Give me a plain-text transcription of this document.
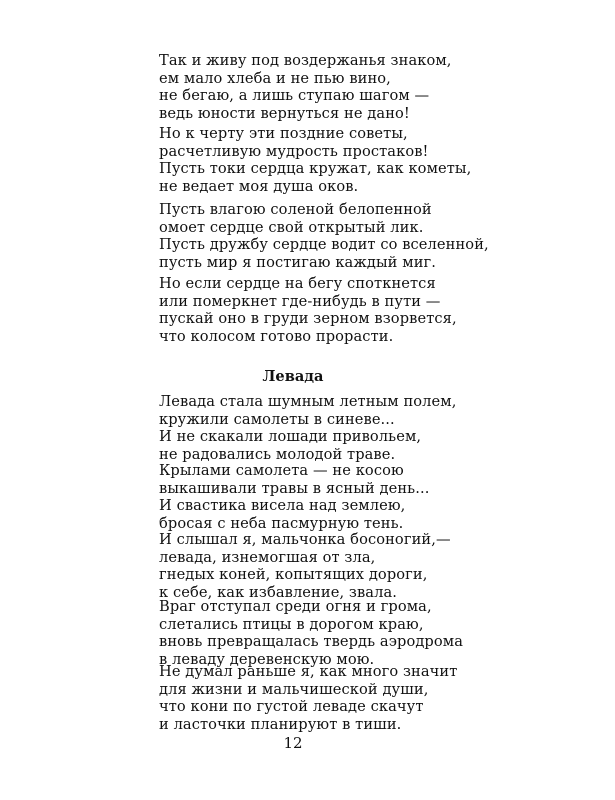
Так и живу под воздержанья знаком,
ем мало хлеба и не пью вино,
не бегаю, а лишь ступаю шагом —
ведь юности вернуться не дано!
Но к черту эти поздние советы,
расчетливую мудрость простаков!
Пусть токи сердца кружат, как кометы,
не ведает моя душа оков.
Пусть влагою соленой белопенной
омоет сердце свой открытый лик.
Пусть дружбу сердце водит со вселенной,
пусть мир я постигаю каждый миг.
Но если сердце на бегу споткнется
или померкнет где-нибудь в пути —
пускай оно в груди зерном взорвется,
что колосом готово прорасти.
Левада
Левада стала шумным летным полем,
кружили самолеты в синеве...
И не скакали лошади привольем,
не радовались молодой траве.
Крылами самолета — не косою
выкашивали травы в ясный день...
И свастика висела над землею,
бросая с неба пасмурную тень.
И слышал я, мальчонка босоногий,—
левада, изнемогшая от зла,
гнедых коней, копытящих дороги,
к себе, как избавление, звала.
Враг отступал среди огня и грома,
слетались птицы в дорогом краю,
вновь превращалась твердь аэродрома
в леваду деревенскую мою.
Не думал раньше я, как много значит
для жизни и мальчишеской души,
что кони по густой леваде скачут
и ласточки планируют в тиши.

12
